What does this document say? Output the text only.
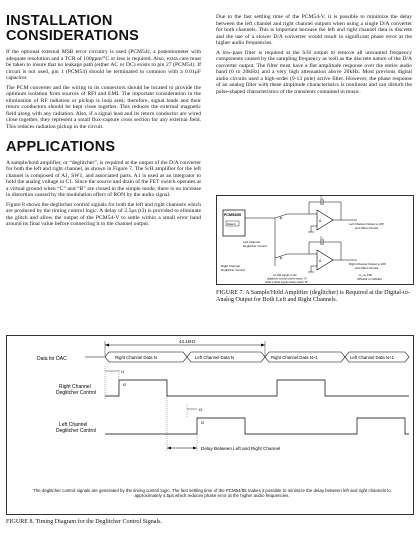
INSTALLATION
CONSIDERATIONS

If the optional external MSB error circuitry is used (PCM54), a potentiometer with adequate resolution and a TCR of 100ppm/°C or less is required. Also, extra care must be taken to insure that no leakage path (either AC or DC) exists to pin 27 (PCM54). If circuit is not used, pin 1 (PCM54) should be terminated to common with a 0.01µF capacitor.

The PCM converter and the wiring to its connectors should be located to provide the optimum isolation from sources of RFI and EMI. The important consideration in the elimination of RF radiation or pickup is loop area; therefore, signal leads and their return conductors should be kept close together. This reduces the external magnetic field along with any radiation. Also, if a signal lead and its return conductor are wired close together, they represent a small flux-capture cross section for any external field. This reduces radiation pickup in the circuit.

APPLICATIONS

A sample/hold amplifier, or “deglitcher”, is required at the output of the D/A converter for both the left and right channel, as shown in Figure 7. The S/H amplifier for the left channel is composed of A1, SW1, and associated parts. A1 is used as an integrator to hold the analog voltage in C1. Since the source and drain of the FET switch operates at a virtual ground when “C” and “B” are closed in the simple mode, there is no increase in distortion caused by the modulation effect of RON by the audio signal.

Figure 8 shows the deglitcher control signals for both the left and right channels which are produced by the timing control logic. A delay of 2.5µs (t3) is provided to eliminate the glitch and allow the output of the PCM54-V to settle within a small error band around its final value before connecting it to the channel output.

Due to the fast settling time of the PCM54-V, it is possible to minimize the delay between the left channel and right channel outputs when using a single D/A converter for both channels. This is important because the left and right channel data is discrete and the use of a slower D/A converter would result in significant phase error at the higher audio frequencies.

A low-pass filter is required at the S/H output to remove all unwanted frequency components caused by the sampling frequency as well as the discrete nature of the D/A converter output. The filter must have a flat amplitude response over the entire audio band (0 to 20kHz) and a very high attenuation above 20kHz. Most previous digital audio circuits used a high-order (9-13 pole) active filter. However, the phase response of an analog filter with these amplitude characteristics is nonlinear and can disturb the pulse-shaped characteristics of the transients contained in music.

PCM54/55
Data In
Left Channel
Deglitcher Control
Right Channel
Deglitcher Control
A
C₁
A
C₂
Left Channel Output to LPF
and Other Circuits
Right Channel Output to LPF
and Other Circuits
A LOW signal on the
deglitcher control closes switch “A”
while a HIGH signal closes switch “B”.
A₁, A₂ ATE
OPA101 or OPA404
FIGURE 7. A Sample/Hold Amplifier (deglitcher) is Required at the Digital-to-Analog Output for Both Left and Right Channels.
44.1kHz
Data for DAC	Right Channel Data N	Left Channel Data N	Right Channel Data N+1	Left Channel Data N+1
Right Channel
Deglitcher Control
t1
t2
Left Channel
Deglitcher Control
t3
t2
Delay Between Left and Right Channel

The deglitcher control signals are generated by the timing control logic. The fast settling time of the PCM54/55 makes it possible to minimize the delay between left and right channels to approximately 4.5µs which reduces phase error at the higher audio frequencies.

FIGURE 8. Timing Diagram for the Deglitcher Control Signals.
